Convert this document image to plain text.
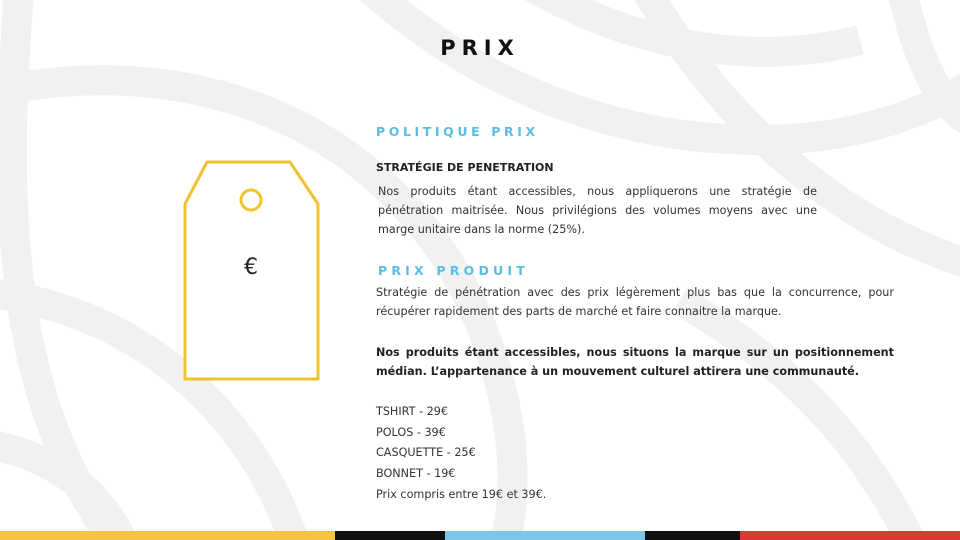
PRIX
€
POLITIQUE PRIX
STRATÉGIE DE PENETRATION
Nos produits étant accessibles, nous appliquerons une stratégie de pénétration maitrisée. Nous privilégions des volumes moyens avec une marge unitaire dans la norme (25%).
PRIX PRODUIT
Stratégie de pénétration avec des prix légèrement plus bas que la concurrence, pour récupérer rapidement des parts de marché et faire connaitre la marque.
Nos produits étant accessibles, nous situons la marque sur un positionnement médian. L’appartenance à un mouvement culturel attirera une communauté.
TSHIRT - 29€
POLOS - 39€
CASQUETTE - 25€
BONNET - 19€
Prix compris entre 19€ et 39€.
